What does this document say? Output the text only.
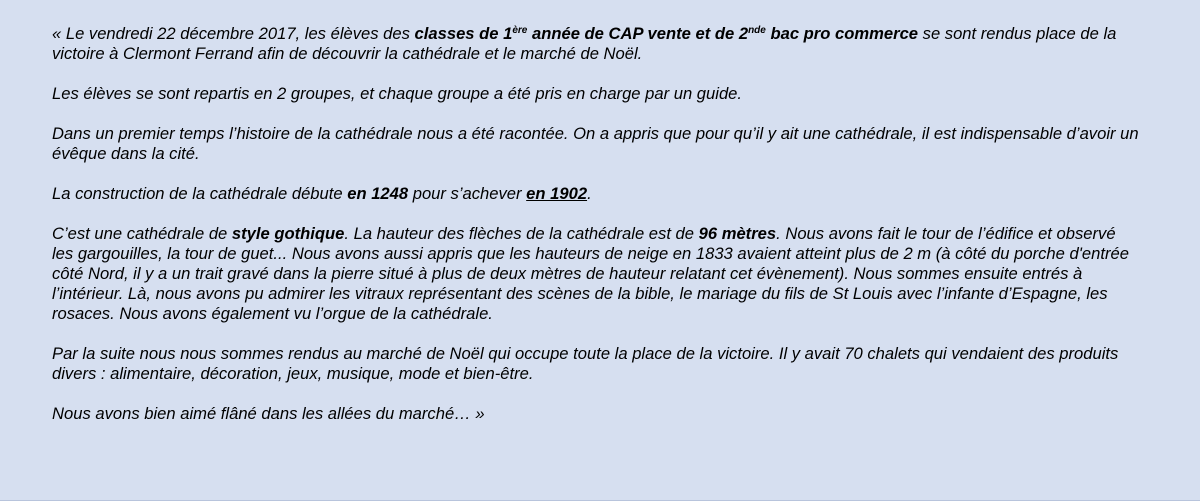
« Le vendredi 22 décembre 2017, les élèves des classes de 1ère année de CAP vente et de 2nde bac pro commerce se sont rendus place de la victoire à Clermont Ferrand afin de découvrir la cathédrale et le marché de Noël.

Les élèves se sont repartis en 2 groupes, et chaque groupe a été pris en charge par un guide.

Dans un premier temps l’histoire de la cathédrale nous a été racontée. On a appris que pour qu’il y ait une cathédrale, il est indispensable d’avoir un évêque dans la cité.

La construction de la cathédrale débute en 1248 pour s’achever en 1902.

C’est une cathédrale de style gothique. La hauteur des flèches de la cathédrale est de 96 mètres. Nous avons fait le tour de l’édifice et observé les gargouilles, la tour de guet... Nous avons aussi appris que les hauteurs de neige en 1833 avaient atteint plus de 2 m (à côté du porche d'entrée côté Nord, il y a un trait gravé dans la pierre situé à plus de deux mètres de hauteur relatant cet évènement). Nous sommes ensuite entrés à l’intérieur. Là, nous avons pu admirer les vitraux représentant des scènes de la bible, le mariage du fils de St Louis avec l’infante d’Espagne, les rosaces. Nous avons également vu l’orgue de la cathédrale.

Par la suite nous nous sommes rendus au marché de Noël qui occupe toute la place de la victoire. Il y avait 70 chalets qui vendaient des produits divers : alimentaire, décoration, jeux, musique, mode et bien-être.

Nous avons bien aimé flâné dans les allées du marché… »
